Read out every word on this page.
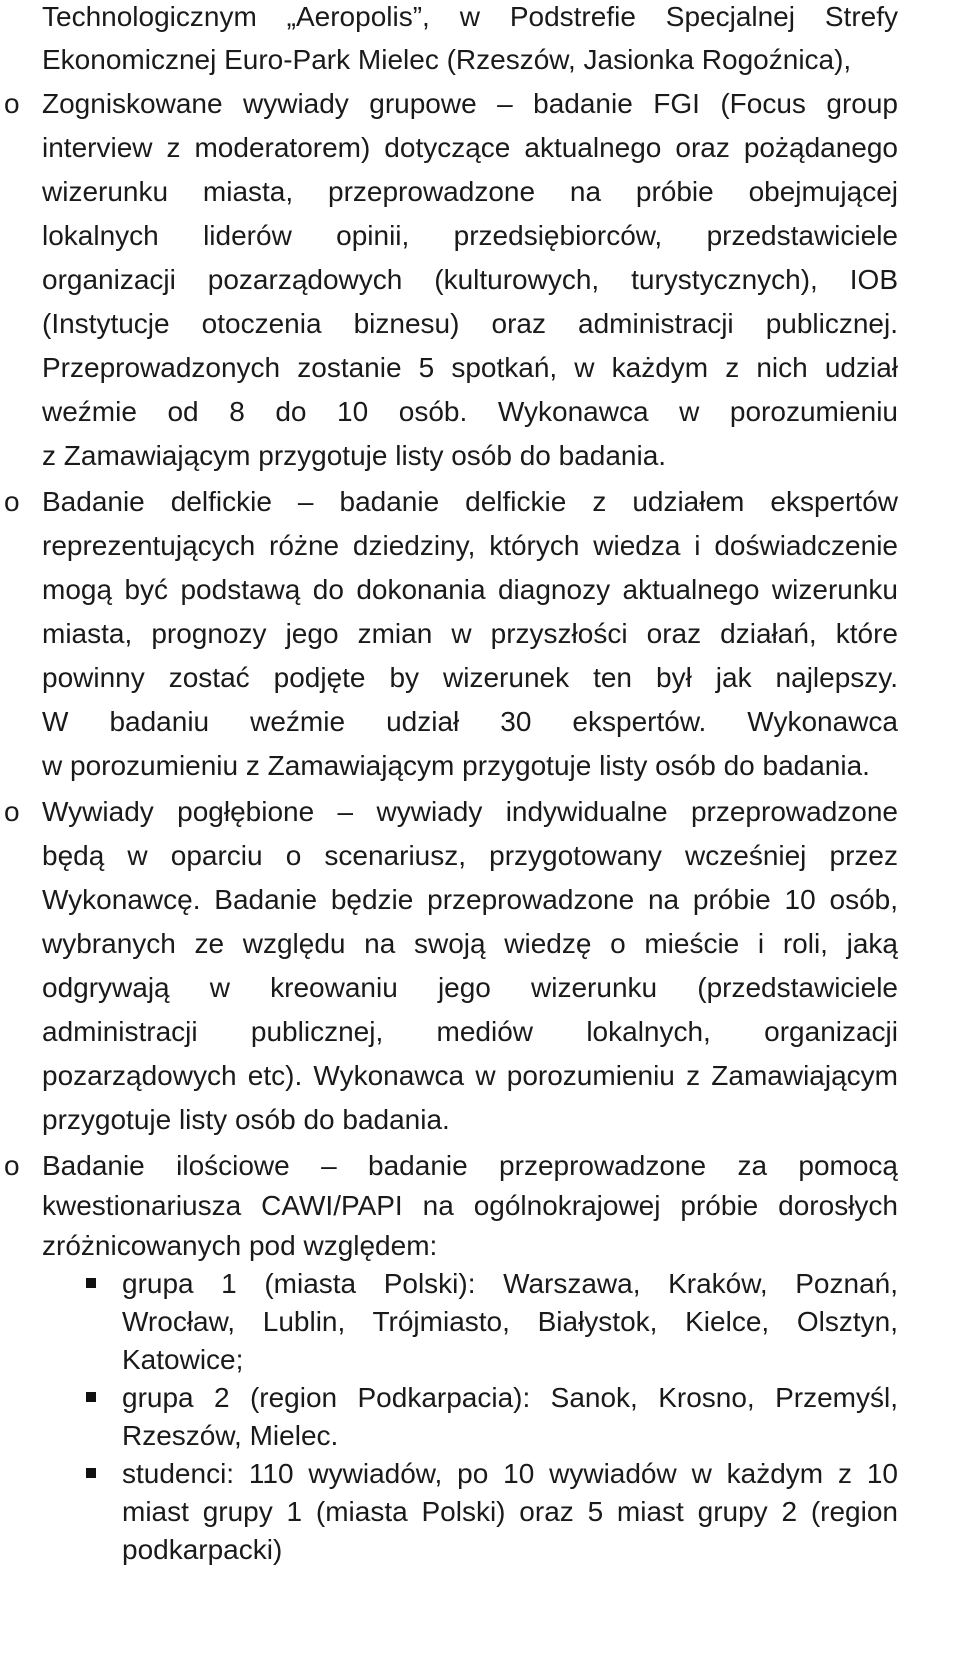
Technologicznym „Aeropolis”, w Podstrefie Specjalnej Strefy
Ekonomicznej Euro-Park Mielec (Rzeszów, Jasionka Rogoźnica),
o Zogniskowane wywiady grupowe – badanie FGI (Focus group
interview z moderatorem) dotyczące aktualnego oraz pożądanego
wizerunku miasta, przeprowadzone na próbie obejmującej
lokalnych liderów opinii, przedsiębiorców, przedstawiciele
organizacji pozarządowych (kulturowych, turystycznych), IOB
(Instytucje otoczenia biznesu) oraz administracji publicznej.
Przeprowadzonych zostanie 5 spotkań, w każdym z nich udział
weźmie od 8 do 10 osób. Wykonawca w porozumieniu
z Zamawiającym przygotuje listy osób do badania.
o Badanie delfickie – badanie delfickie z udziałem ekspertów
reprezentujących różne dziedziny, których wiedza i doświadczenie
mogą być podstawą do dokonania diagnozy aktualnego wizerunku
miasta, prognozy jego zmian w przyszłości oraz działań, które
powinny zostać podjęte by wizerunek ten był jak najlepszy.
W badaniu weźmie udział 30 ekspertów. Wykonawca
w porozumieniu z Zamawiającym przygotuje listy osób do badania.
o Wywiady pogłębione – wywiady indywidualne przeprowadzone
będą w oparciu o scenariusz, przygotowany wcześniej przez
Wykonawcę. Badanie będzie przeprowadzone na próbie 10 osób,
wybranych ze względu na swoją wiedzę o mieście i roli, jaką
odgrywają w kreowaniu jego wizerunku (przedstawiciele
administracji publicznej, mediów lokalnych, organizacji
pozarządowych etc). Wykonawca w porozumieniu z Zamawiającym
przygotuje listy osób do badania.
o Badanie ilościowe – badanie przeprowadzone za pomocą
kwestionariusza CAWI/PAPI na ogólnokrajowej próbie dorosłych
zróżnicowanych pod względem:
grupa 1 (miasta Polski): Warszawa, Kraków, Poznań,
Wrocław, Lublin, Trójmiasto, Białystok, Kielce, Olsztyn,
Katowice;
grupa 2 (region Podkarpacia): Sanok, Krosno, Przemyśl,
Rzeszów, Mielec.
studenci: 110 wywiadów, po 10 wywiadów w każdym z 10
miast grupy 1 (miasta Polski) oraz 5 miast grupy 2 (region
podkarpacki)
